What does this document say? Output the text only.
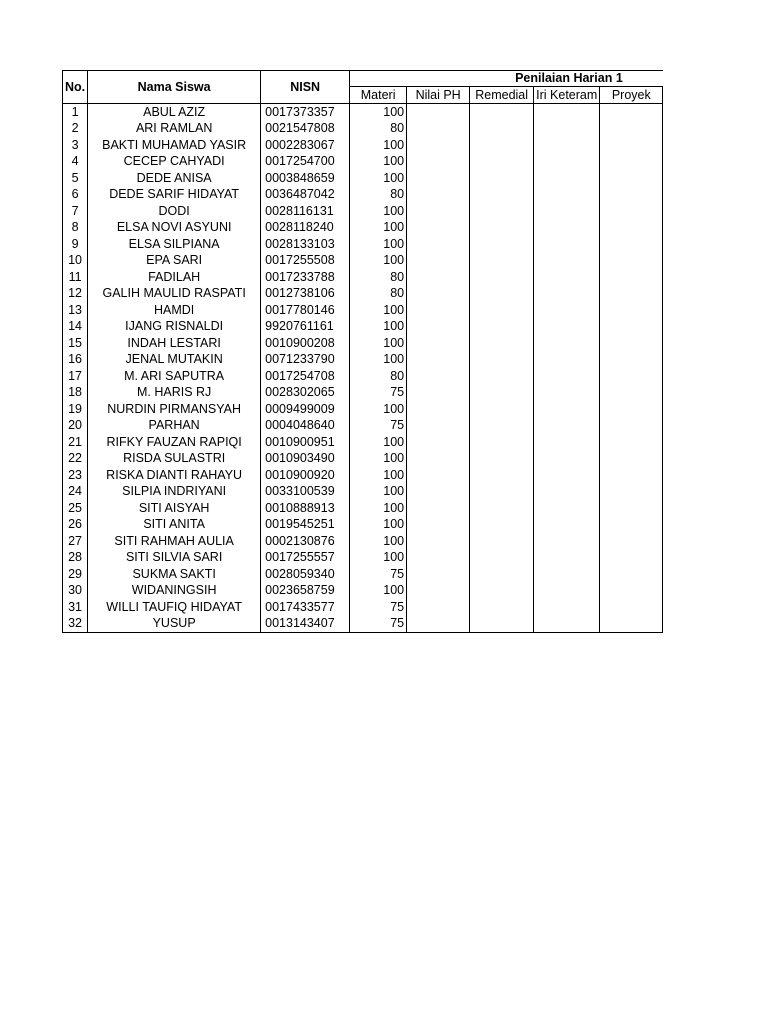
No.	Nama Siswa	NISN	Penilaian Harian 1				
			Materi	Nilai PH	Remedial	Ιri Keteram	Proyek
1	ABUL AZIZ	0017373357	100				
2	ARI RAMLAN	0021547808	80				
3	BAKTI MUHAMAD YASIR	0002283067	100				
4	CECEP CAHYADI	0017254700	100				
5	DEDE ANISA	0003848659	100				
6	DEDE SARIF HIDAYAT	0036487042	80				
7	DODI	0028116131	100				
8	ELSA NOVI ASYUNI	0028118240	100				
9	ELSA SILPIANA	0028133103	100				
10	EPA SARI	0017255508	100				
11	FADILAH	0017233788	80				
12	GALIH MAULID RASPATI	0012738106	80				
13	HAMDI	0017780146	100				
14	IJANG RISNALDI	9920761161	100				
15	INDAH LESTARI	0010900208	100				
16	JENAL MUTAKIN	0071233790	100				
17	M. ARI SAPUTRA	0017254708	80				
18	M. HARIS RJ	0028302065	75				
19	NURDIN PIRMANSYAH	0009499009	100				
20	PARHAN	0004048640	75				
21	RIFKY FAUZAN RAPIQI	0010900951	100				
22	RISDA SULASTRI	0010903490	100				
23	RISKA DIANTI RAHAYU	0010900920	100				
24	SILPIA INDRIYANI	0033100539	100				
25	SITI AISYAH	0010888913	100				
26	SITI ANITA	0019545251	100				
27	SITI RAHMAH AULIA	0002130876	100				
28	SITI SILVIA SARI	0017255557	100				
29	SUKMA SAKTI	0028059340	75				
30	WIDANINGSIH	0023658759	100				
31	WILLI TAUFIQ HIDAYAT	0017433577	75				
32	YUSUP	0013143407	75				
